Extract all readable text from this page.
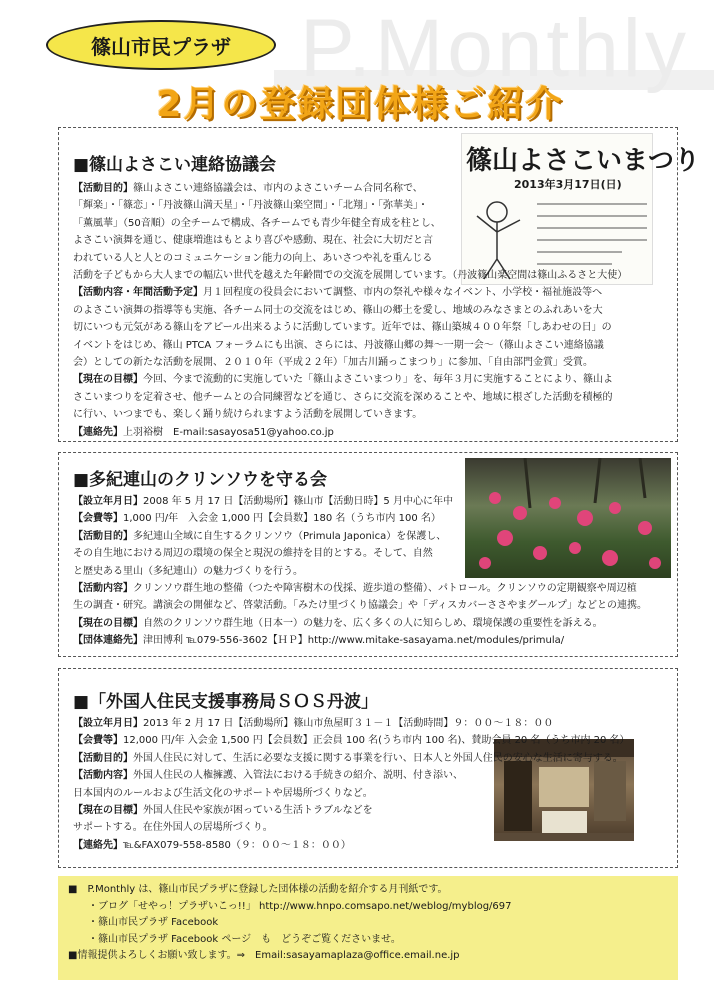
P.Monthly
篠山市民プラザ
2月の登録団体様ご紹介
■篠山よさこい連絡協議会	篠山よさこいまつり
2013年3月17日(日)
【活動目的】篠山よさこい連絡協議会は、市内のよさこいチーム合同名称で、
「輝楽」・「篠恋」・「丹波篠山満天星」・「丹波篠山楽空間」・「北翔」・「弥華美」・
「薫風華」（50音順）の全チームで構成、各チームでも青少年健全育成を柱とし、
よさこい演舞を通じ、健康増進はもとより喜びや感動、現在、社会に大切だと言
われている人と人とのコミュニケーション能力の向上、あいさつや礼を重んじる
活動を子どもから大人までの幅広い世代を越えた年齢間での交流を展開しています。（丹波篠山楽空間は篠山ふるさと大使）
【活動内容・年間活動予定】月１回程度の役員会において調整、市内の祭礼や様々なイベント、小学校・福祉施設等へ
のよさこい演舞の指導等も実施、各チーム同士の交流をはじめ、篠山の郷土を愛し、地域のみなさまとのふれあいを大
切にいつも元気がある篠山をアピール出来るように活動しています。近年では、篠山築城４００年祭「しあわせの日」の
イベントをはじめ、篠山 PTCA フォーラムにも出演、さらには、丹波篠山郷の舞～一期一会～（篠山よさこい連絡協議
会）としての新たな活動を展開、２０１０年（平成２２年）「加古川踊っこまつり」に参加、「自由部門金賞」受賞。
【現在の目標】今回、今まで流動的に実施していた「篠山よさこいまつり」を、毎年３月に実施することにより、篠山よ
さこいまつりを定着させ、他チームとの合同練習などを通じ、さらに交流を深めることや、地域に根ざした活動を積極的
に行い、いつまでも、楽しく踊り続けられますよう活動を展開していきます。
【連絡先】上羽裕樹　E-mail:sasayosa51@yahoo.co.jp
■多紀連山のクリンソウを守る会
【設立年月日】2008 年 5 月 17 日【活動場所】篠山市【活動日時】5 月中心に年中
【会費等】1,000 円/年　入会金 1,000 円【会員数】180 名（うち市内 100 名）
【活動目的】多紀連山全域に自生するクリンソウ（Primula Japonica）を保護し、
その自生地における周辺の環境の保全と現況の維持を目的とする。そして、自然
と歴史ある里山（多紀連山）の魅力づくりを行う。
【活動内容】クリンソウ群生地の整備（つたや障害樹木の伐採、遊歩道の整備）、パトロール。クリンソウの定期観察や周辺植
生の調査・研究。講演会の開催など、啓蒙活動。「みたけ里づくり協議会」や「ディスカバーささやまグールプ」などとの連携。
【現在の目標】自然のクリンソウ群生地（日本一）の魅力を、広く多くの人に知らしめ、環境保護の重要性を訴える。
【団体連絡先】津田博利 ℡079-556-3602【ＨＰ】http://www.mitake-sasayama.net/modules/primula/
■「外国人住民支援事務局ＳＯＳ丹波」
【設立年月日】2013 年 2 月 17 日【活動場所】篠山市魚屋町３１－１【活動時間】９：００～１８：００
【会費等】12,000 円/年 入会金 1,500 円【会員数】正会員 100 名(うち市内 100 名)、賛助会員 20 名（うち市内 20 名）
【活動目的】外国人住民に対して、生活に必要な支援に関する事業を行い、日本人と外国人住民の安心な生活に寄与する。
【活動内容】外国人住民の人権擁護、入管法における手続きの紹介、説明、付き添い、
日本国内のルールおよび生活文化のサポートや居場所づくりなど。
【現在の目標】外国人住民や家族が困っている生活トラブルなどを
サポートする。在住外国人の居場所づくり。
【連絡先】℡&FAX079-558-8580（９：００～１８：００）
■　P.Monthly は、篠山市民プラザに登録した団体様の活動を紹介する月刊紙です。
　　・ブログ「せやっ！プラザいこっ!!」 http://www.hnpo.comsapo.net/weblog/myblog/697
　　・篠山市民プラザ Facebook
　　・篠山市民プラザ Facebook ページ　も　どうぞご覧くださいませ。
■情報提供よろしくお願い致します。⇒　Email:sasayamaplaza@office.email.ne.jp
